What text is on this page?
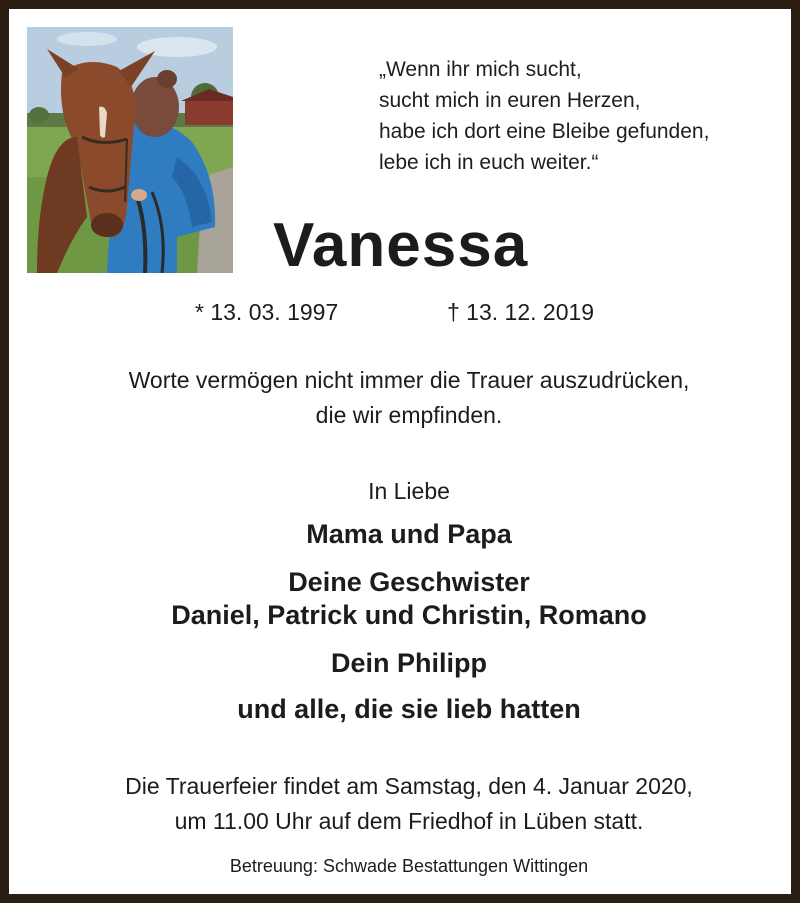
„Wenn ihr mich sucht,
sucht mich in euren Herzen,
habe ich dort eine Bleibe gefunden,
lebe ich in euch weiter.“
Vanessa
* 13. 03. 1997	† 13. 12. 2019
Worte vermögen nicht immer die Trauer auszudrücken,
die wir empfinden.
In Liebe
Mama und Papa
Deine Geschwister
Daniel, Patrick und Christin, Romano
Dein Philipp
und alle, die sie lieb hatten
Die Trauerfeier findet am Samstag, den 4. Januar 2020,
um 11.00 Uhr auf dem Friedhof in Lüben statt.
Betreuung: Schwade Bestattungen Wittingen
